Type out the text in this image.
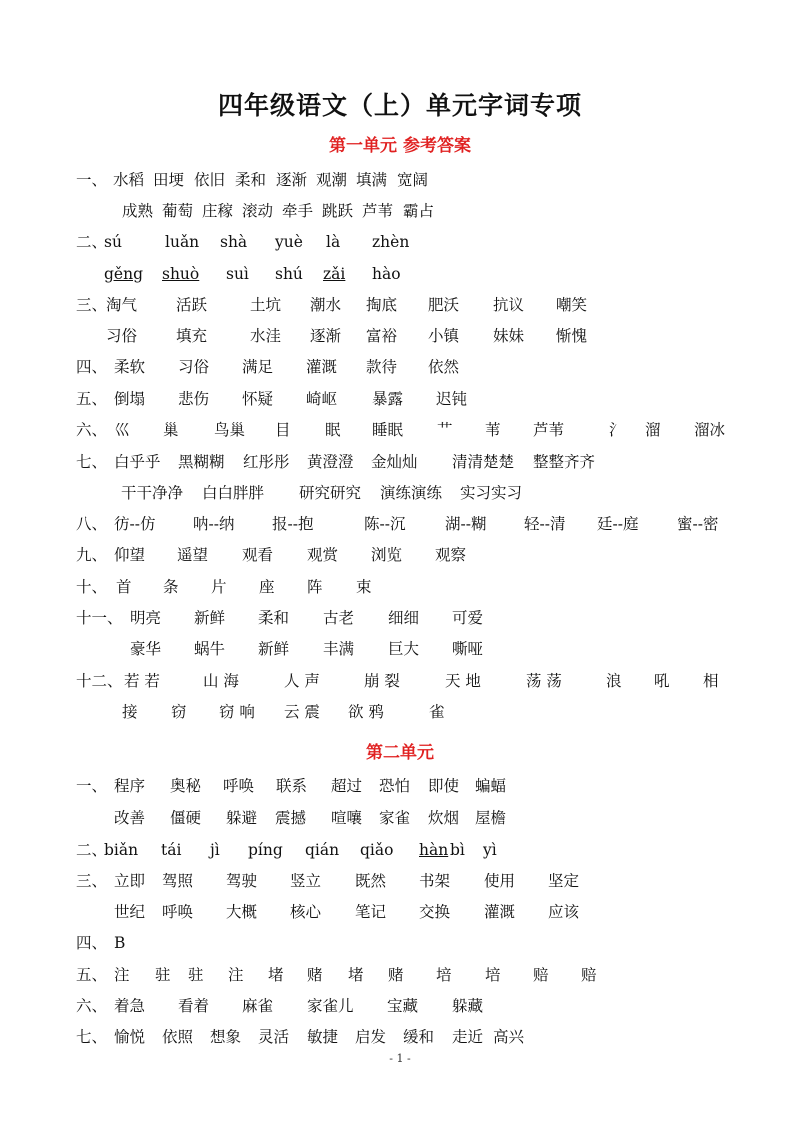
四年级语文（上）单元字词专项
第一单元 参考答案
一、 水稻 田埂 依旧 柔和 逐渐 观潮 填满 宽阔
成熟 葡萄 庄稼 滚动 牵手 跳跃 芦苇 霸占
二、
sú	luǎn shà yuè là zhèn
gěng shuò suì shú zǎi hào
三、
淘气	活跃	土坑 潮水 掏底 肥沃 抗议 嘲笑
习俗	填充	水洼 逐渐 富裕 小镇 妹妹 惭愧
四、 柔软 习俗 满足 灌溉 款待 依然
五、 倒塌 悲伤 怀疑 崎岖 暴露 迟钝
六、 巛 巢 鸟巢 目 眠 睡眠 艹 苇 芦苇	氵 溜 溜冰
七、 白乎乎 黑糊糊 红彤彤 黄澄澄 金灿灿 清清楚楚 整整齐齐
干干净净 白白胖胖 研究研究 演练演练 实习实习
八、 彷--仿 呐--纳 报--抱	陈--沉	湖--糊 轻--清 廷--庭 蜜--密
九、 仰望 遥望 观看 观赏 浏览 观察
十、 首 条 片 座 阵 束
十一、 明亮 新鲜 柔和 古老 细细 可爱
豪华 蜗牛 新鲜 丰满 巨大 嘶哑
十二、 若 若	山 海	人 声	崩 裂	天 地	荡 荡	浪 吼 相
接 窃 窃 响 云 震 欲 鸦	雀
第二单元
一、 程序 奥秘 呼唤 联系 超过 恐怕 即使 蝙蝠
改善 僵硬 躲避 震撼 喧嚷 家雀 炊烟 屋檐
二、
biǎn tái jì píng qián qiǎo hàn bì yì
三、 立即 驾照 驾驶 竖立 既然 书架 使用 坚定
世纪 呼唤 大概 核心 笔记 交换 灌溉 应该
四、 B
五、 注 驻 驻 注 堵 赌 堵 赌 培 培 赔 赔
六、 着急 看着 麻雀 家雀儿 宝藏 躲藏
七、 愉悦 依照 想象 灵活 敏捷 启发 缓和 走近 高兴
- 1 -
